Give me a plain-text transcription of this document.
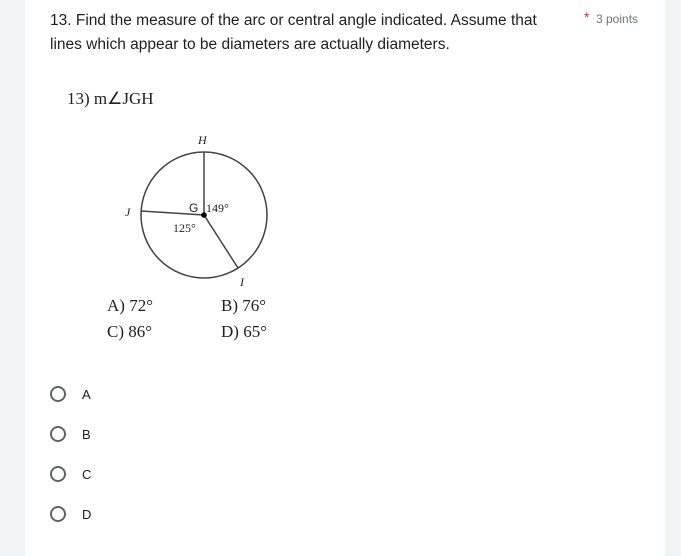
13. Find the measure of the arc or central angle indicated. Assume that lines which appear to be diameters are actually diameters.
* 3 points
13) m∠JGH
H
J	G
I
149°
125°
A) 72°	B) 76°
C) 86°	D) 65°
A
B
C
D
